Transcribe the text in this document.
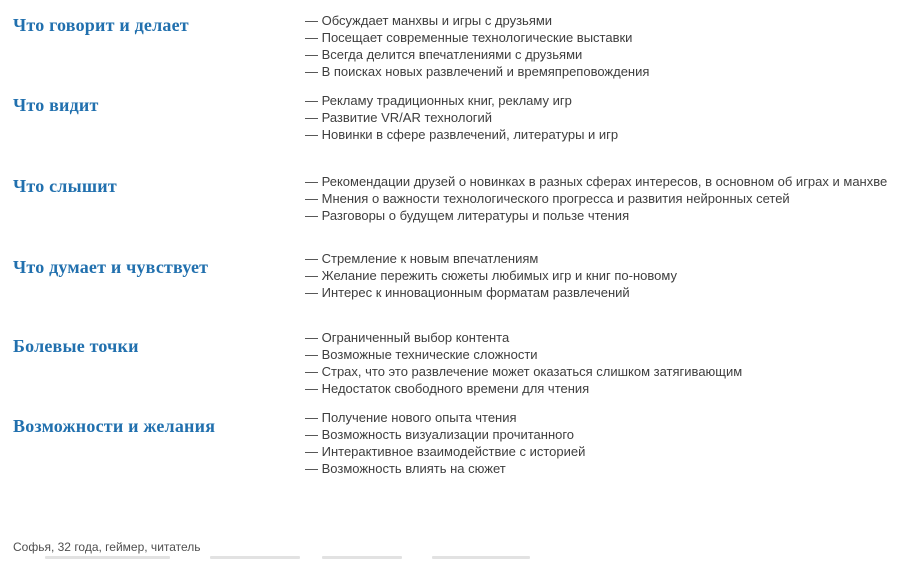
Что говорит и делает	— Обсуждает манхвы и игры с друзьями
— Посещает современные технологические выставки
— Всегда делится впечатлениями с друзьями
— В поисках новых развлечений и времяпреповождения
Что видит	— Рекламу традиционных книг, рекламу игр
— Развитие VR/AR технологий
— Новинки в сфере развлечений, литературы и игр
Что слышит	— Рекомендации друзей о новинках в разных сферах интересов, в основном об играх и манхве
— Мнения о важности технологического прогресса и развития нейронных сетей
— Разговоры о будущем литературы и пользе чтения
Что думает и чувствует	— Стремление к новым впечатлениям
— Желание пережить сюжеты любимых игр и книг по-новому
— Интерес к инновационным форматам развлечений
Болевые точки	— Ограниченный выбор контента
— Возможные технические сложности
— Страх, что это развлечение может оказаться слишком затягивающим
— Недостаток свободного времени для чтения
Возможности и желания	— Получение нового опыта чтения
— Возможность визуализации прочитанного
— Интерактивное взаимодействие с историей
— Возможность влиять на сюжет
Софья, 32 года, геймер, читатель
